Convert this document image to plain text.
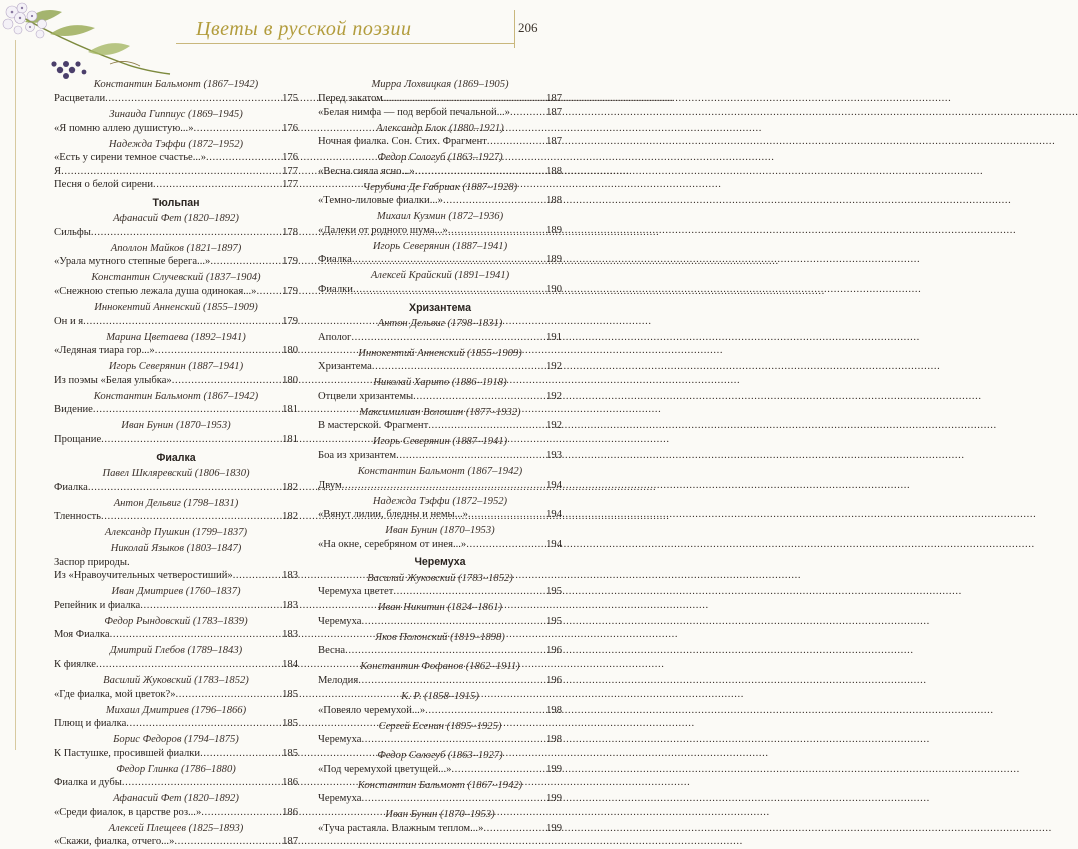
Цветы в русской поэзии	206
Константин Бальмонт (1867–1942)
Расцветали .....	175
Зинаида Гиппиус (1869–1945)
«Я помню аллею душистую...» .....	176
Надежда Тэффи (1872–1952)
«Есть у сирени темное счастье...» .....	176
Я .....	177
Песня о белой сирени .....	177
Тюльпан
Афанасий Фет (1820–1892)
Сильфы .....	178
Аполлон Майков (1821–1897)
«Урала мутного степные берега...» .....	179
Константин Случевский (1837–1904)
«Снежною степью лежала душа одинокая...» ..... 179
Иннокентий Анненский (1855–1909)
Он и я .....	179
Марина Цветаева (1892–1941)
«Ледяная тиара гор...» .....	180
Игорь Северянин (1887–1941)
Из поэмы «Белая улыбка» .....	180
Константин Бальмонт (1867–1942)
Видение .....	181
Иван Бунин (1870–1953)
Прощание .....	181
Фиалка
Павел Шкляревский (1806–1830)
Фиалка .....	182
Антон Дельвиг (1798–1831)
Тленность .....	182
Александр Пушкин (1799–1837)
Николай Языков (1803–1847)
Заспор природы.
Из «Нравоучительных четверостиший» .....	183
Иван Дмитриев (1760–1837)
Репейник и фиалка .....	183
Федор Рындовский (1783–1839)
Моя Фиалка .....	183
Дмитрий Глебов (1789–1843)
К фиялке .....	184
Василий Жуковский (1783–1852)
«Где фиалка, мой цветок?» .....	185
Михаил Дмитриев (1796–1866)
Плющ и фиалка .....	185
Борис Федоров (1794–1875)
К Пастушке, просившей фиалки .....	185
Федор Глинка (1786–1880)
Фиалка и дубы .....	186
Афанасий Фет (1820–1892)
«Среди фиалок, в царстве роз...» .....	186
Алексей Плещеев (1825–1893)
«Скажи, фиалка, отчего...» .....	187
Мирра Лохвицкая (1869–1905)
Перед закатом .....	187
«Белая нимфа — под вербой печальной...» .....	187
Александр Блок (1880–1921)
Ночная фиалка. Сон. Стих. Фрагмент .....	187
Федор Сологуб (1863–1927)
«Весна сияла ясно...» .....	188
Черубина Де Габриак (1887–1928)
«Темно-лиловые фиалки...» .....	188
Михаил Кузмин (1872–1936)
«Далеки от родного шума...» .....	189
Игорь Северянин (1887–1941)
Фиалка .....	189
Алексей Крайский (1891–1941)
Фиалки .....	190
Хризантема
Антон Дельвиг (1798–1831)
Аполог .....	191
Иннокентий Анненский (1855–1909)
Хризантема .....	192
Николай Харито (1886–1918)
Отцвели хризантемы .....	192
Максимилиан Волошин (1877–1932)
В мастерской. Фрагмент .....	192
Игорь Северянин (1887–1941)
Боа из хризантем .....	193
Константин Бальмонт (1867–1942)
Двум .....	194
Надежда Тэффи (1872–1952)
«Вянут лилии, бледны и немы...» .....	194
Иван Бунин (1870–1953)
«На окне, серебряном от инея...» .....	194
Черемуха
Василий Жуковский (1783–1852)
Черемуха цветет .....	195
Иван Никитин (1824–1861)
Черемуха .....	195
Яков Полонский (1819–1898)
Весна .....	196
Константин Фофанов (1862–1911)
Мелодия .....	196
К. Р. (1858–1915)
«Повеяло черемухой...» .....	198
Сергей Есенин (1895–1925)
Черемуха .....	198
Федор Сологуб (1863–1927)
«Под черемухой цветущей...» .....	199
Константин Бальмонт (1867–1942)
Черемуха .....	199
Иван Бунин (1870–1953)
«Туча растаяла. Влажным теплом...» .....	199
